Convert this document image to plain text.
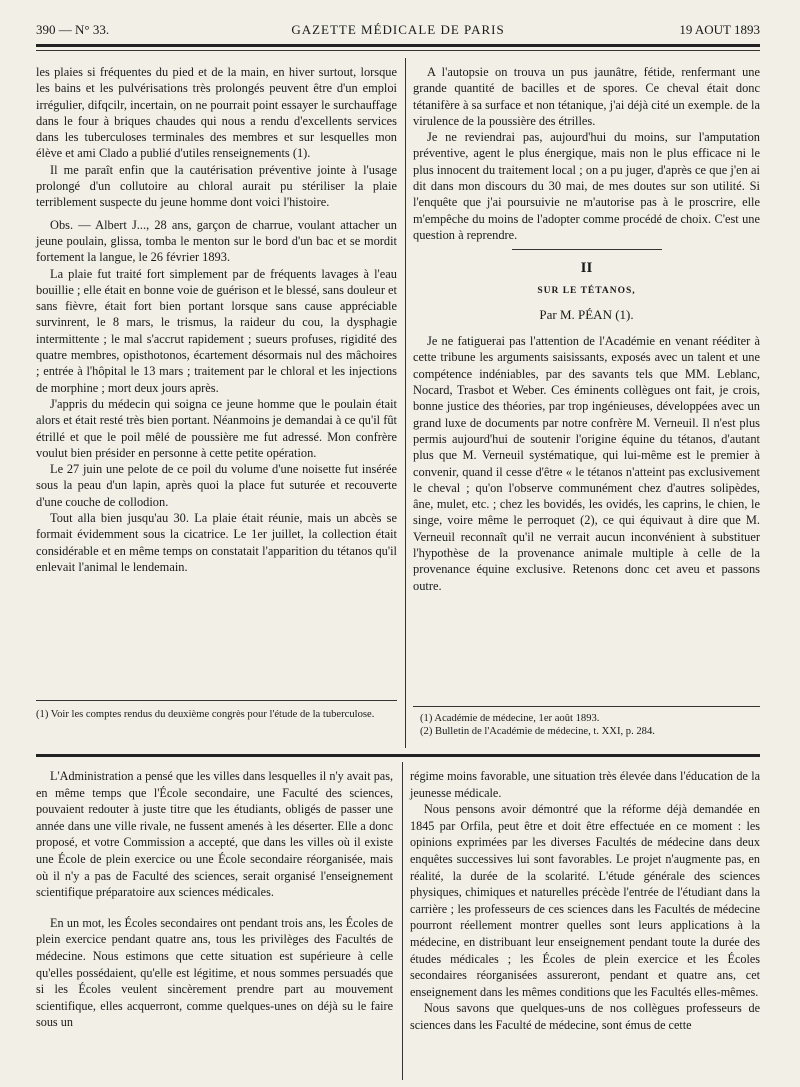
390 — N° 33.	GAZETTE MÉDICALE DE PARIS	19 AOUT 1893

les plaies si fréquentes du pied et de la main, en hiver surtout, lorsque les bains et les pulvérisations très prolongés peuvent être d'un emploi irrégulier, difqcilr, incertain, on ne pourrait point essayer le surchauffage dans le four à briques chaudes qui nous a rendu d'excellents services dans les tuberculoses terminales des membres et sur lesquelles mon élève et ami Clado a publié d'utiles renseignements (1).

Il me paraît enfin que la cautérisation préventive jointe à l'usage prolongé d'un collutoire au chloral aurait pu stériliser la plaie terriblement suspecte du jeune homme dont voici l'histoire.

Obs. — Albert J..., 28 ans, garçon de charrue, voulant attacher un jeune poulain, glissa, tomba le menton sur le bord d'un bac et se mordit fortement la langue, le 26 février 1893.

La plaie fut traité fort simplement par de fréquents lavages à l'eau bouillie ; elle était en bonne voie de guérison et le blessé, sans douleur et sans fièvre, était fort bien portant lorsque sans cause appréciable survinrent, le 8 mars, le trismus, la raideur du cou, la dysphagie intermittente ; le mal s'accrut rapidement ; sueurs profuses, rigidité des quatre membres, opisthotonos, écartement désormais nul des mâchoires ; entrée à l'hôpital le 13 mars ; traitement par le chloral et les injections de morphine ; mort deux jours après.

J'appris du médecin qui soigna ce jeune homme que le poulain était alors et était resté très bien portant. Néanmoins je demandai à ce qu'il fût étrillé et que le poil mêlé de poussière me fut adressé. Mon confrère voulut bien présider en personne à cette petite opération.

Le 27 juin une pelote de ce poil du volume d'une noisette fut insérée sous la peau d'un lapin, après quoi la place fut suturée et recouverte d'une couche de collodion.

Tout alla bien jusqu'au 30. La plaie était réunie, mais un abcès se formait évidemment sous la cicatrice. Le 1er juillet, la collection était considérable et en même temps on constatait l'apparition du tétanos qu'il enlevait l'animal le lendemain.

(1) Voir les comptes rendus du deuxième congrès pour l'étude de la tuberculose.

A l'autopsie on trouva un pus jaunâtre, fétide, renfermant une grande quantité de bacilles et de spores. Ce cheval était donc tétanifère à sa surface et non tétanique, j'ai déjà cité un exemple. de la virulence de la poussière des étrilles.

Je ne reviendrai pas, aujourd'hui du moins, sur l'amputation préventive, agent le plus énergique, mais non le plus efficace ni le plus innocent du traitement local ; on a pu juger, d'après ce que j'en ai dit dans mon discours du 30 mai, de mes doutes sur son utilité. Si l'enquête que j'ai poursuivie ne m'autorise pas à le proscrire, elle m'empêche du moins de l'adopter comme procédé de choix. C'est une question à reprendre.

II
SUR LE TÉTANOS,
Par M. PÉAN (1).

Je ne fatiguerai pas l'attention de l'Académie en venant rééditer à cette tribune les arguments saisissants, exposés avec un talent et une compétence indéniables, par des savants tels que MM. Leblanc, Nocard, Trasbot et Weber. Ces éminents collègues ont fait, je crois, bonne justice des théories, par trop ingénieuses, développées avec un grand luxe de documents par notre confrère M. Verneuil. Il n'est plus permis aujourd'hui de soutenir l'origine équine du tétanos, d'autant plus que M. Verneuil systématique, qui lui-même est le premier à convenir, quand il cesse d'être « le tétanos n'atteint pas exclusivement le cheval ; qu'on l'observe communément chez d'autres solipèdes, âne, mulet, etc. ; chez les bovidés, les ovidés, les caprins, le chien, le singe, voire même le perroquet (2), ce qui équivaut à dire que M. Verneuil reconnaît qu'il ne verrait aucun inconvénient à substituer l'hypothèse de la provenance animale multiple à celle de la provenance équine exclusive. Retenons donc cet aveu et passons outre.

(1) Académie de médecine, 1er août 1893.

(2) Bulletin de l'Académie de médecine, t. XXI, p. 284.

L'Administration a pensé que les villes dans lesquelles il n'y avait pas, en même temps que l'École secondaire, une Faculté des sciences, pouvaient redouter à juste titre que les étudiants, obligés de passer une année dans une ville rivale, ne fussent amenés à les déserter. Elle a donc proposé, et votre Commission a accepté, que dans les villes où il existe une École de plein exercice ou une École secondaire réorganisée, mais où il n'y a pas de Faculté des sciences, serait organisé l'enseignement scientifique préparatoire aux sciences médicales.

En un mot, les Écoles secondaires ont pendant trois ans, les Écoles de plein exercice pendant quatre ans, tous les privilèges des Facultés de médecine. Nous estimons que cette situation est supérieure à celle qu'elles possédaient, qu'elle est légitime, et nous sommes persuadés que si les Écoles veulent sincèrement prendre part au mouvement scientifique, elles acquerront, comme quelques-unes on déjà su le faire sous un

régime moins favorable, une situation très élevée dans l'éducation de la jeunesse médicale.

Nous pensons avoir démontré que la réforme déjà demandée en 1845 par Orfila, peut être et doit être effectuée en ce moment : les opinions exprimées par les diverses Facultés de médecine dans deux enquêtes successives lui sont favorables. Le projet n'augmente pas, en réalité, la durée de la scolarité. L'étude générale des sciences physiques, chimiques et naturelles précède l'entrée de l'étudiant dans la carrière ; les professeurs de ces sciences dans les Facultés de médecine pourront réellement montrer quelles sont leurs applications à la médecine, en distribuant leur enseignement pendant toute la durée des études médicales ; les Écoles de plein exercice et les Écoles secondaires réorganisées assureront, pendant et quatre ans, cet enseignement dans les mêmes conditions que les Facultés elles-mêmes.

Nous savons que quelques-uns de nos collègues professeurs de sciences dans les Faculté de médecine, sont émus de cette
